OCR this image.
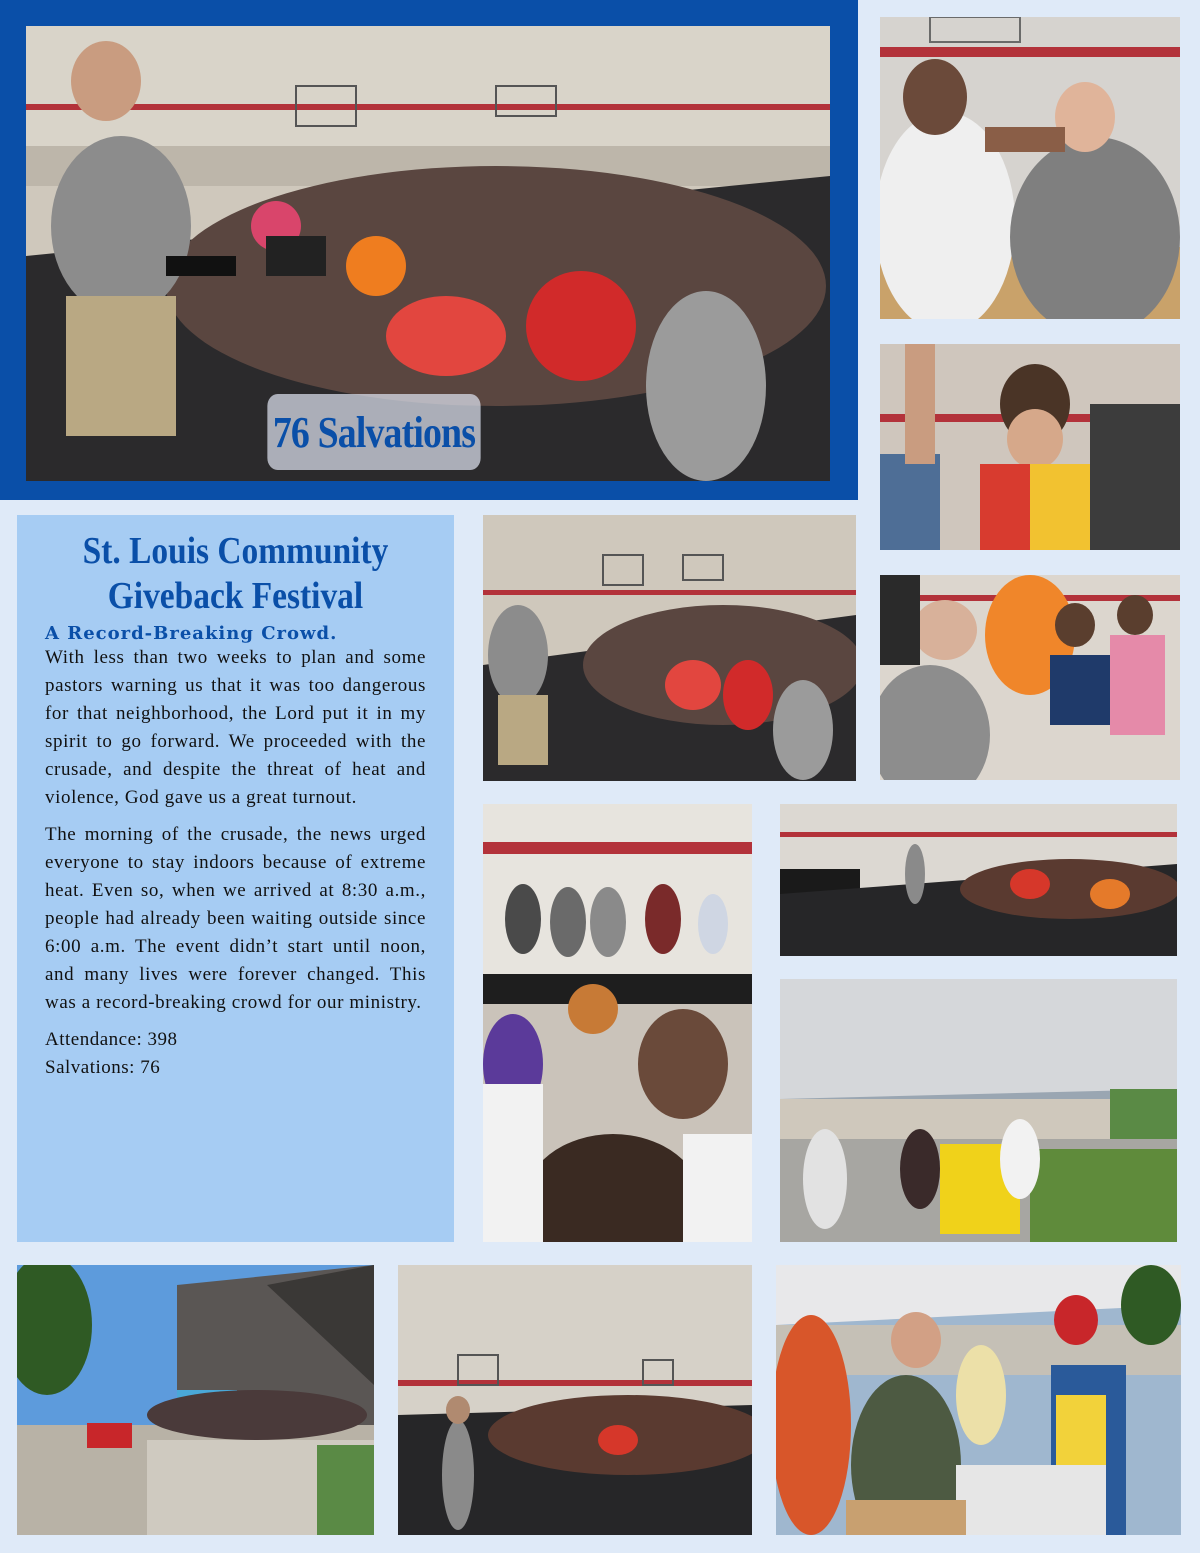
76 Salvations
St. Louis Community
Giveback Festival

A Record-Breaking Crowd.

With less than two weeks to plan and some pastors warning us that it was too dangerous for that neighborhood, the Lord put it in my spirit to go forward. We proceeded with the crusade, and despite the threat of heat and violence, God gave us a great turnout.

The morning of the crusade, the news urged everyone to stay indoors because of extreme heat. Even so, when we arrived at 8:30 a.m., people had already been waiting outside since 6:00 a.m. The event didn’t start until noon, and many lives were forever changed. This was a record-breaking crowd for our ministry.

Attendance: 398

Salvations: 76
